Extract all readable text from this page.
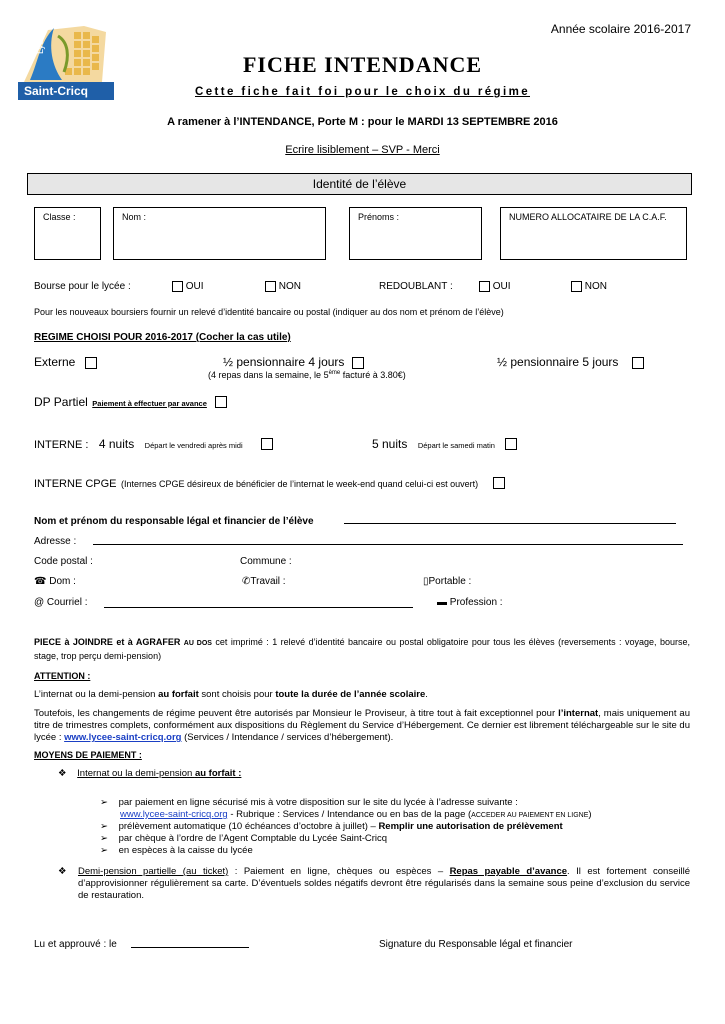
Lycée
Saint-Cricq
Année scolaire 2016-2017
FICHE INTENDANCE
Cette fiche fait foi pour le choix du régime
A ramener à l’INTENDANCE, Porte M : pour le MARDI 13 SEPTEMBRE 2016
Ecrire lisiblement – SVP - Merci
Identité de l’élève
Classe :	Nom :	Prénoms :	NUMERO ALLOCATAIRE DE LA C.A.F.
Bourse pour le lycée :	OUI	NON	REDOUBLANT :	OUI	NON
Pour les nouveaux boursiers fournir un relevé d’identité bancaire ou postal (indiquer au dos nom et prénom de l’élève)
REGIME CHOISI POUR 2016-2017 (Cocher la cas utile)
Externe	½ pensionnaire 4 jours
(4 repas dans la semaine, le 5ème facturé à 3.80€)
½ pensionnaire 5 jours
DP Partiel Paiement à effectuer par avance
INTERNE : 4 nuits Départ le vendredi après midi	5 nuits Départ le samedi matin
INTERNE CPGE (Internes CPGE désireux de bénéficier de l’internat le week-end quand celui-ci est ouvert)
Nom et prénom du responsable légal et financier de l’élève
Adresse :
Code postal :	Commune :
☎ Dom :	✆Travail :	▯Portable :
@ Courriel :	▬ Profession :
PIECE à JOINDRE et à AGRAFER AU DOS cet imprimé : 1 relevé d’identité bancaire ou postal obligatoire pour tous les élèves (reversements : voyage, bourse, stage, trop perçu demi-pension)
ATTENTION :
L’internat ou la demi-pension au forfait sont choisis pour toute la durée de l’année scolaire.
Toutefois, les changements de régime peuvent être autorisés par Monsieur le Proviseur, à titre tout à fait exceptionnel pour l’internat, mais uniquement au titre de trimestres complets, conformément aux dispositions du Règlement du Service d’Hébergement. Ce dernier est librement téléchargeable sur le site du lycée : www.lycee-saint-cricq.org (Services / Intendance / services d’hébergement).
MOYENS DE PAIEMENT :
❖ Internat ou la demi-pension au forfait :
➢ par paiement en ligne sécurisé mis à votre disposition sur le site du lycée à l’adresse suivante :
www.lycee-saint-cricq.org - Rubrique : Services / Intendance ou en bas de la page (ACCEDER AU PAIEMENT EN LIGNE)
➢ prélèvement automatique (10 échéances d’octobre à juillet) – Remplir une autorisation de prélèvement
➢ par chèque à l’ordre de l’Agent Comptable du Lycée Saint-Cricq
➢ en espèces à la caisse du lycée
❖ Demi-pension partielle (au ticket) : Paiement en ligne, chèques ou espèces – Repas payable d’avance. Il est fortement conseillé d’approvisionner régulièrement sa carte. D’éventuels soldes négatifs devront être régularisés dans la semaine sous peine d’exclusion du service de restauration.
Lu et approuvé : le	Signature du Responsable légal et financier
